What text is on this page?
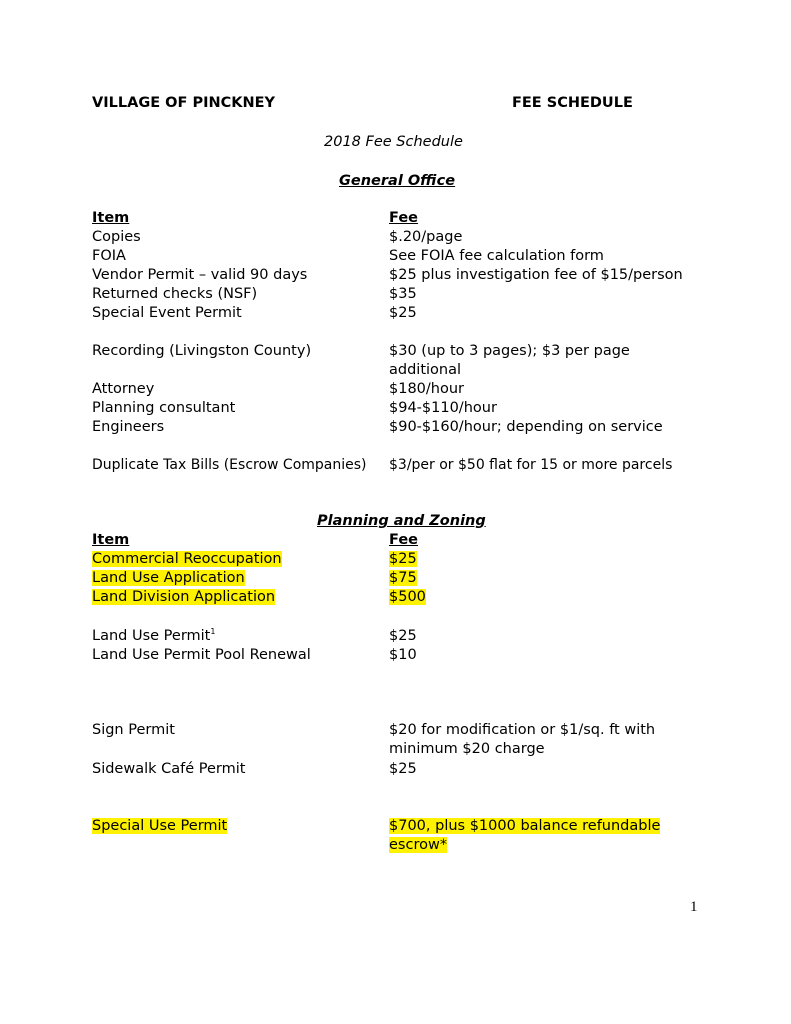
VILLAGE OF PINCKNEY	FEE SCHEDULE
2018 Fee Schedule
General Office
Item	Fee
Copies	$.20/page
FOIA	See FOIA fee calculation form
Vendor Permit – valid 90 days	$25 plus investigation fee of $15/person
Returned checks (NSF)	$35
Special Event Permit	$25
Recording (Livingston County)	$30 (up to 3 pages); $3 per page
additional
Attorney	$180/hour
Planning consultant	$94-$110/hour
Engineers	$90-$160/hour; depending on service
Duplicate Tax Bills (Escrow Companies) $3/per or $50 flat for 15 or more parcels
Planning and Zoning
Item	Fee
Commercial Reoccupation	$25
Land Use Application	$75
Land Division Application	$500
Land Use Permit$^1$	$25
Land Use Permit Pool Renewal	$10
Sign Permit	$20 for modification or $1/sq. ft with
minimum $20 charge
Sidewalk Café Permit	$25
Special Use Permit	$700, plus $1000 balance refundable
escrow*
1
